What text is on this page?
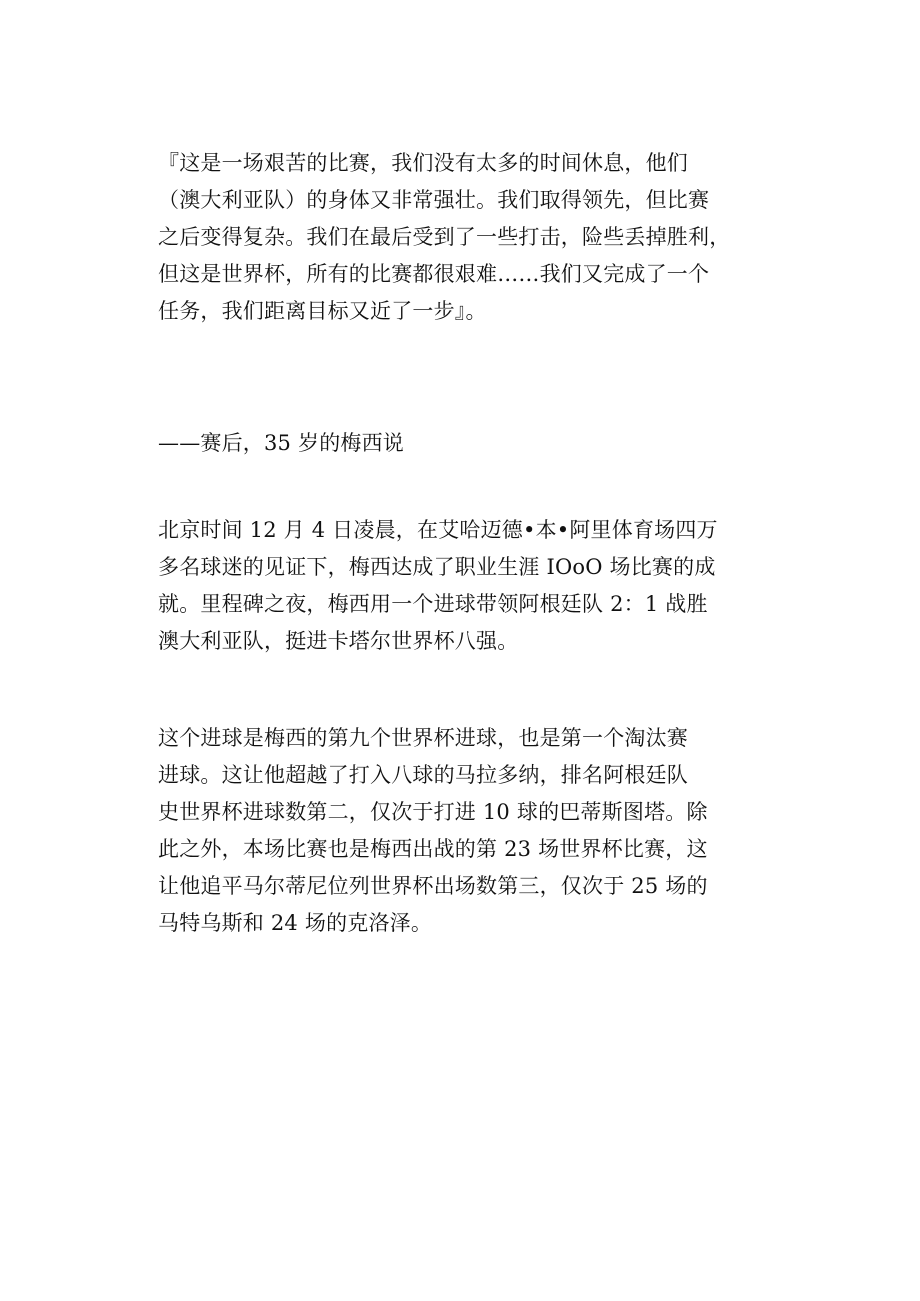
『这是一场艰苦的比赛，我们没有太多的时间休息，他们
（澳大利亚队）的身体又非常强壮。我们取得领先，但比赛
之后变得复杂。我们在最后受到了一些打击，险些丢掉胜利，
但这是世界杯，所有的比赛都很艰难……我们又完成了一个
任务，我们距离目标又近了一步』。
——赛后，35 岁的梅西说
北京时间 12 月 4 日凌晨，在艾哈迈德•本•阿里体育场四万
多名球迷的见证下，梅西达成了职业生涯 IOoO 场比赛的成
就。里程碑之夜，梅西用一个进球带领阿根廷队 2：1 战胜
澳大利亚队，挺进卡塔尔世界杯八强。
这个进球是梅西的第九个世界杯进球，也是第一个淘汰赛
进球。这让他超越了打入八球的马拉多纳，排名阿根廷队
史世界杯进球数第二，仅次于打进 10 球的巴蒂斯图塔。除
此之外，本场比赛也是梅西出战的第 23 场世界杯比赛，这
让他追平马尔蒂尼位列世界杯出场数第三，仅次于 25 场的
马特乌斯和 24 场的克洛泽。
